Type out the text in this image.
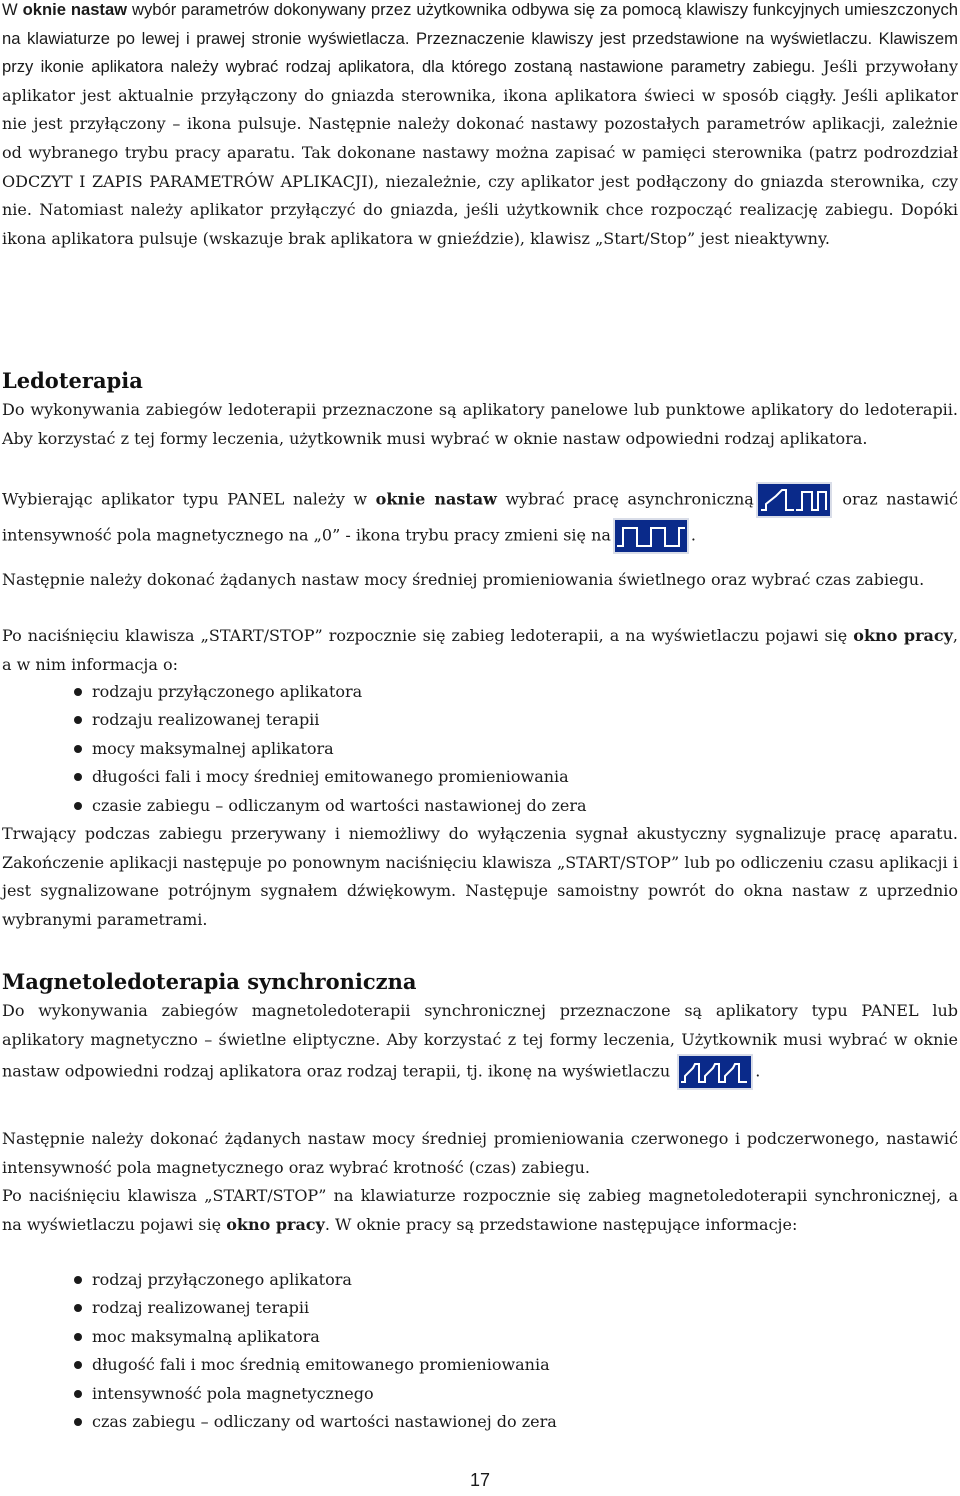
W oknie nastaw wybór parametrów dokonywany przez użytkownika odbywa się za pomocą klawiszy funkcyjnych umieszczonych na klawiaturze po lewej i prawej stronie wyświetlacza. Przeznaczenie klawiszy jest przedstawione na wyświetlaczu. Klawiszem przy ikonie aplikatora należy wybrać rodzaj aplikatora, dla którego zostaną nastawione parametry zabiegu. Jeśli przywołany aplikator jest aktualnie przyłączony do gniazda sterownika, ikona aplikatora świeci w sposób ciągły. Jeśli aplikator nie jest przyłączony – ikona pulsuje. Następnie należy dokonać nastawy pozostałych parametrów aplikacji, zależnie od wybranego trybu pracy aparatu. Tak dokonane nastawy można zapisać w pamięci sterownika (patrz podrozdział ODCZYT I ZAPIS PARAMETRÓW APLIKACJI), niezależnie, czy aplikator jest podłączony do gniazda sterownika, czy nie. Natomiast należy aplikator przyłączyć do gniazda, jeśli użytkownik chce rozpocząć realizację zabiegu. Dopóki ikona aplikatora pulsuje (wskazuje brak aplikatora w gnieździe), klawisz „Start/Stop” jest nieaktywny.

Ledoterapia

Do wykonywania zabiegów ledoterapii przeznaczone są aplikatory panelowe lub punktowe aplikatory do ledoterapii. Aby korzystać z tej formy leczenia, użytkownik musi wybrać w oknie nastaw odpowiedni rodzaj aplikatora.

Wybierając aplikator typu PANEL należy w oknie nastaw wybrać pracę asynchroniczną	oraz nastawić intensywność pola magnetycznego na „0” - ikona trybu pracy zmieni się na	.

Następnie należy dokonać żądanych nastaw mocy średniej promieniowania świetlnego oraz wybrać czas zabiegu.

Po naciśnięciu klawisza „START/STOP” rozpocznie się zabieg ledoterapii, a na wyświetlaczu pojawi się okno pracy, a w nim informacja o:

rodzaju przyłączonego aplikatora
rodzaju realizowanej terapii
mocy maksymalnej aplikatora
długości fali i mocy średniej emitowanego promieniowania
czasie zabiegu – odliczanym od wartości nastawionej do zera

Trwający podczas zabiegu przerywany i niemożliwy do wyłączenia sygnał akustyczny sygnalizuje pracę aparatu. Zakończenie aplikacji następuje po ponownym naciśnięciu klawisza „START/STOP” lub po odliczeniu czasu aplikacji i jest sygnalizowane potrójnym sygnałem dźwiękowym. Następuje samoistny powrót do okna nastaw z uprzednio wybranymi parametrami.

Magnetoledoterapia synchroniczna

Do wykonywania zabiegów magnetoledoterapii synchronicznej przeznaczone są aplikatory typu PANEL lub aplikatory magnetyczno – świetlne eliptyczne. Aby korzystać z tej formy leczenia, Użytkownik musi wybrać w oknie nastaw odpowiedni rodzaj aplikatora oraz rodzaj terapii, tj. ikonę na wyświetlaczu	.

Następnie należy dokonać żądanych nastaw mocy średniej promieniowania czerwonego i podczerwonego, nastawić intensywność pola magnetycznego oraz wybrać krotność (czas) zabiegu.

Po naciśnięciu klawisza „START/STOP” na klawiaturze rozpocznie się zabieg magnetoledoterapii synchronicznej, a na wyświetlaczu pojawi się okno pracy. W oknie pracy są przedstawione następujące informacje:

rodzaj przyłączonego aplikatora
rodzaj realizowanej terapii
moc maksymalną aplikatora
długość fali i moc średnią emitowanego promieniowania
intensywność pola magnetycznego
czas zabiegu – odliczany od wartości nastawionej do zera
17
